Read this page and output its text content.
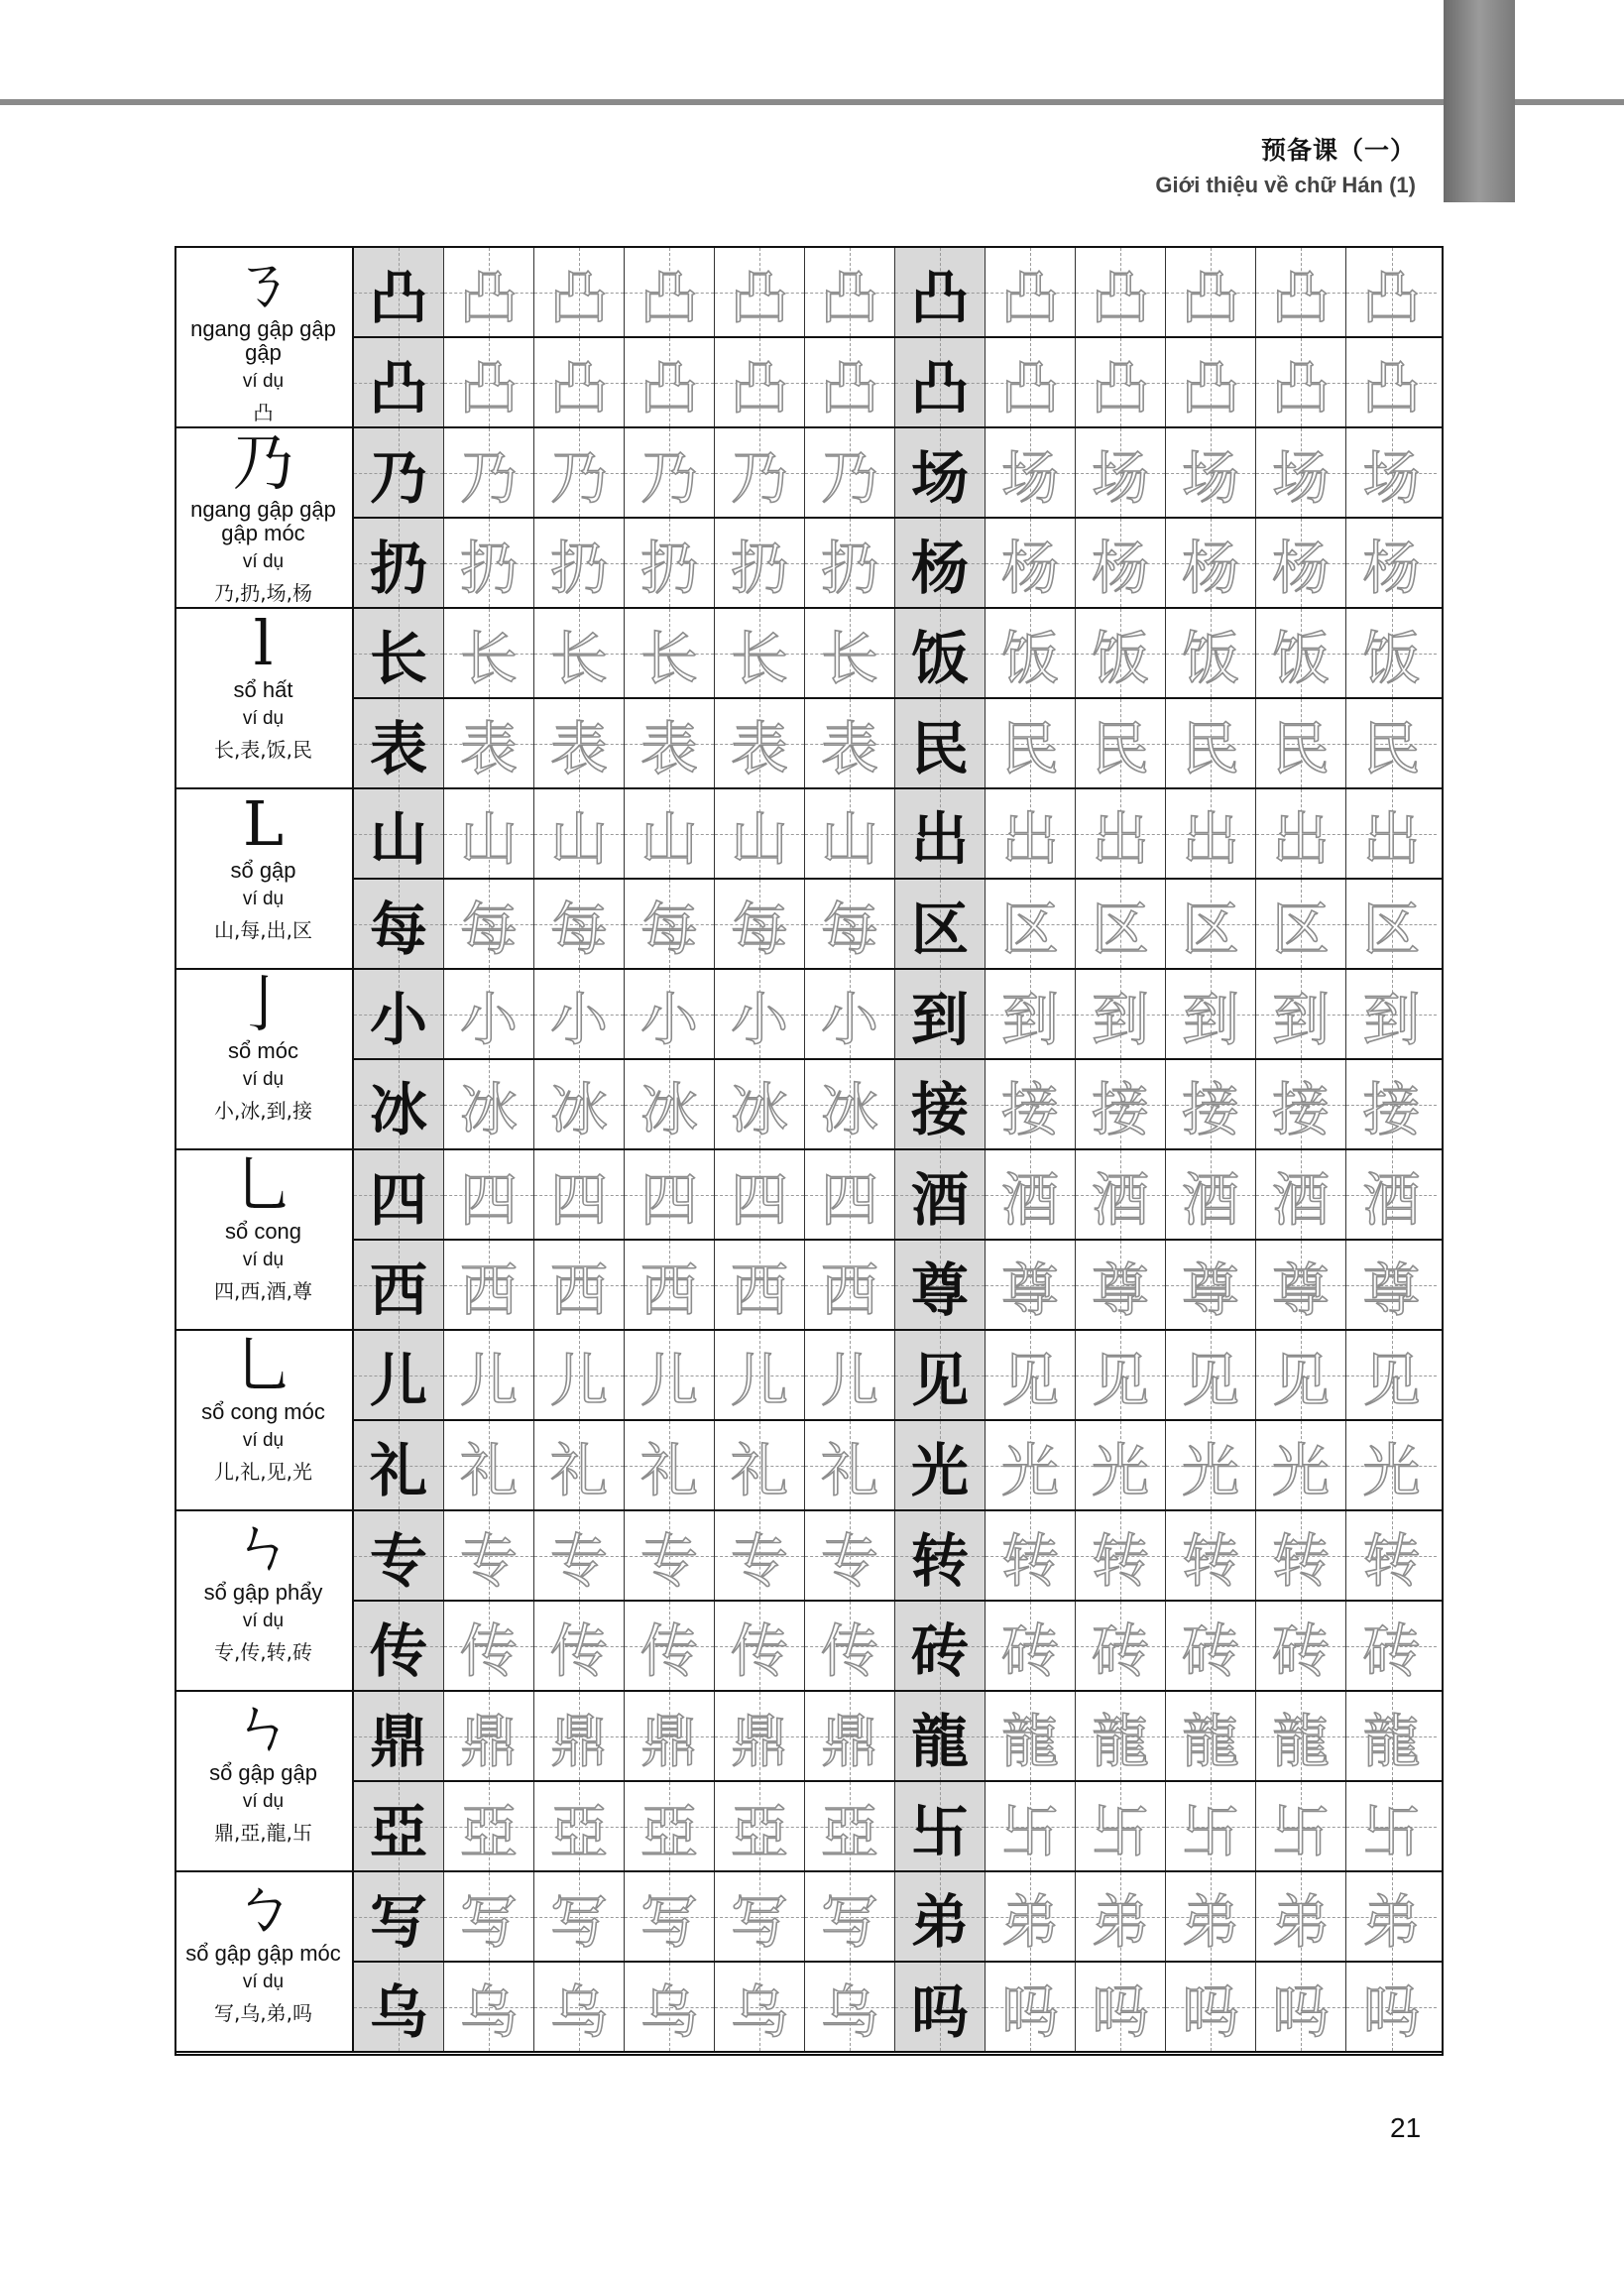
预备课（一）
Giới thiệu về chữ Hán (1)
ㄋ
ngang gập gập gập
ví dụ
凸
凸 凸 凸 凸 凸 凸 凸 凸 凸 凸 凸 凸
凸 凸 凸 凸 凸 凸 凸 凸 凸 凸 凸 凸
乃
ngang gập gập gập móc
ví dụ
乃,扔,场,杨
乃 乃 乃 乃 乃 乃 场 场 场 场 场 场
扔 扔 扔 扔 扔 扔 杨 杨 杨 杨 杨 杨
l
sổ hất
ví dụ
长,表,饭,民
长 长 长 长 长 长 饭 饭 饭 饭 饭 饭
表 表 表 表 表 表 民 民 民 民 民 民
L
sổ gập
ví dụ
山,每,出,区
山 山 山 山 山 山 出 出 出 出 出 出
每 每 每 每 每 每 区 区 区 区 区 区
亅
sổ móc
ví dụ
小,冰,到,接
小 小 小 小 小 小 到 到 到 到 到 到
冰 冰 冰 冰 冰 冰 接 接 接 接 接 接
乚
sổ cong
ví dụ
四,西,酒,尊
四 四 四 四 四 四 酒 酒 酒 酒 酒 酒
西 西 西 西 西 西 尊 尊 尊 尊 尊 尊
乚
sổ cong móc
ví dụ
儿,礼,见,光
儿 儿 儿 儿 儿 儿 见 见 见 见 见 见
礼 礼 礼 礼 礼 礼 光 光 光 光 光 光
ㄣ
sổ gập phẩy
ví dụ
专,传,转,砖
专 专 专 专 专 专 转 转 转 转 转 转
传 传 传 传 传 传 砖 砖 砖 砖 砖 砖
ㄣ
sổ gập gập
ví dụ
鼎,亞,龍,卐
鼎 鼎 鼎 鼎 鼎 鼎 龍 龍 龍 龍 龍 龍
亞 亞 亞 亞 亞 亞 卐 卐 卐 卐 卐 卐
ㄅ
sổ gập gập móc
ví dụ
写,乌,弟,吗
写 写 写 写 写 写 弟 弟 弟 弟 弟 弟
乌 乌 乌 乌 乌 乌 吗 吗 吗 吗 吗 吗
21
